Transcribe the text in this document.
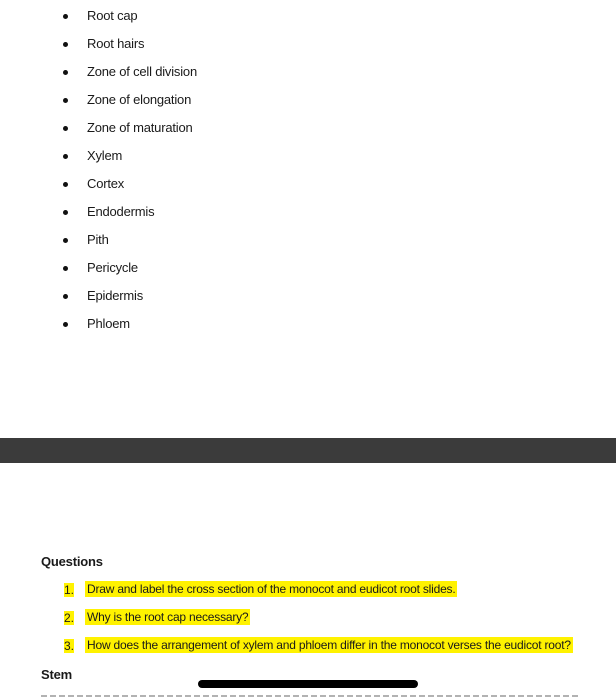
Root cap
Root hairs
Zone of cell division
Zone of elongation
Zone of maturation
Xylem
Cortex
Endodermis
Pith
Pericycle
Epidermis
Phloem
Questions
1. Draw and label the cross section of the monocot and eudicot root slides.
2. Why is the root cap necessary?
3. How does the arrangement of xylem and phloem differ in the monocot verses the eudicot root?
Stem
